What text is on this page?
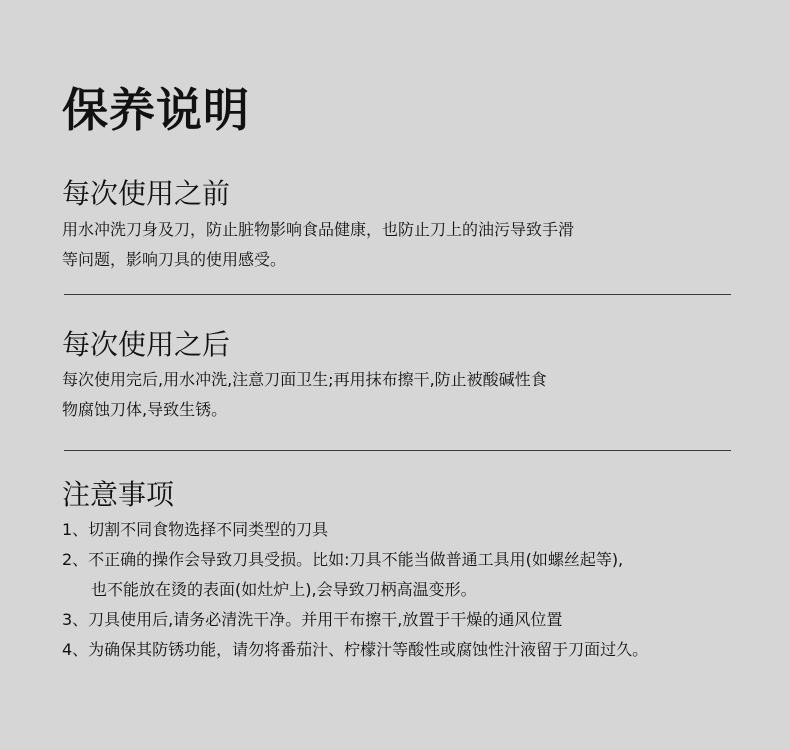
保养说明
每次使用之前
用水冲洗刀身及刀，防止脏物影响食品健康，也防止刀上的油污导致手滑
等问题，影响刀具的使用感受。
每次使用之后
每次使用完后,用水冲洗,注意刀面卫生;再用抹布擦干,防止被酸碱性食
物腐蚀刀体,导致生锈。
注意事项
1、切割不同食物选择不同类型的刀具
2、不正确的操作会导致刀具受损。比如:刀具不能当做普通工具用(如螺丝起等),
也不能放在烫的表面(如灶炉上),会导致刀柄高温变形。
3、刀具使用后,请务必清洗干净。并用干布擦干,放置于干燥的通风位置
4、为确保其防锈功能，请勿将番茄汁、柠檬汁等酸性或腐蚀性汁液留于刀面过久。
